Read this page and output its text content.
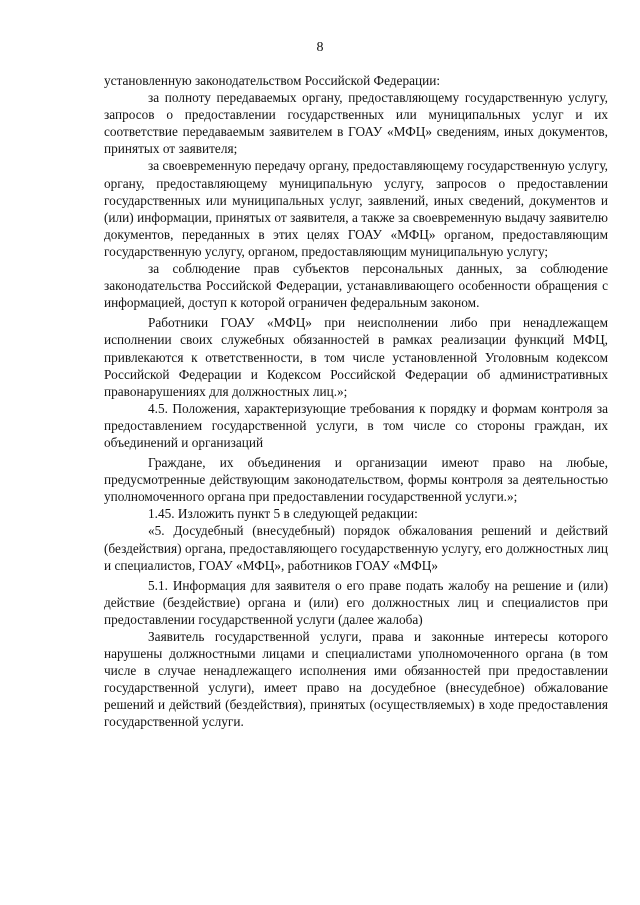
8

установленную законодательством Российской Федерации:

за полноту передаваемых органу, предоставляющему государственную услугу, запросов о предоставлении государственных или муниципальных услуг и их соответствие передаваемым заявителем в ГОАУ «МФЦ» сведениям, иных документов, принятых от заявителя;

за своевременную передачу органу, предоставляющему государственную услугу, органу, предоставляющему муниципальную услугу, запросов о предоставлении государственных или муниципальных услуг, заявлений, иных сведений, документов и (или) информации, принятых от заявителя, а также за своевременную выдачу заявителю документов, переданных в этих целях ГОАУ «МФЦ» органом, предоставляющим государственную услугу, органом, предоставляющим муниципальную услугу;

за соблюдение прав субъектов персональных данных, за соблюдение законодательства Российской Федерации, устанавливающего особенности обращения с информацией, доступ к которой ограничен федеральным законом.

Работники ГОАУ «МФЦ» при неисполнении либо при ненадлежащем исполнении своих служебных обязанностей в рамках реализации функций МФЦ, привлекаются к ответственности, в том числе установленной Уголовным кодексом Российской Федерации и Кодексом Российской Федерации об административных правонарушениях для должностных лиц.»;

4.5. Положения, характеризующие требования к порядку и формам контроля за предоставлением государственной услуги, в том числе со стороны граждан, их объединений и организаций

Граждане, их объединения и организации имеют право на любые, предусмотренные действующим законодательством, формы контроля за деятельностью уполномоченного органа при предоставлении государственной услуги.»;

1.45. Изложить пункт 5 в следующей редакции:

«5. Досудебный (внесудебный) порядок обжалования решений и действий (бездействия) органа, предоставляющего государственную услугу, его должностных лиц и специалистов, ГОАУ «МФЦ», работников ГОАУ «МФЦ»

5.1. Информация для заявителя о его праве подать жалобу на решение и (или) действие (бездействие) органа и (или) его должностных лиц и специалистов при предоставлении государственной услуги (далее жалоба)

Заявитель государственной услуги, права и законные интересы которого нарушены должностными лицами и специалистами уполномоченного органа (в том числе в случае ненадлежащего исполнения ими обязанностей при предоставлении государственной услуги), имеет право на досудебное (внесудебное) обжалование решений и действий (бездействия), принятых (осуществляемых) в ходе предоставления государственной услуги.
